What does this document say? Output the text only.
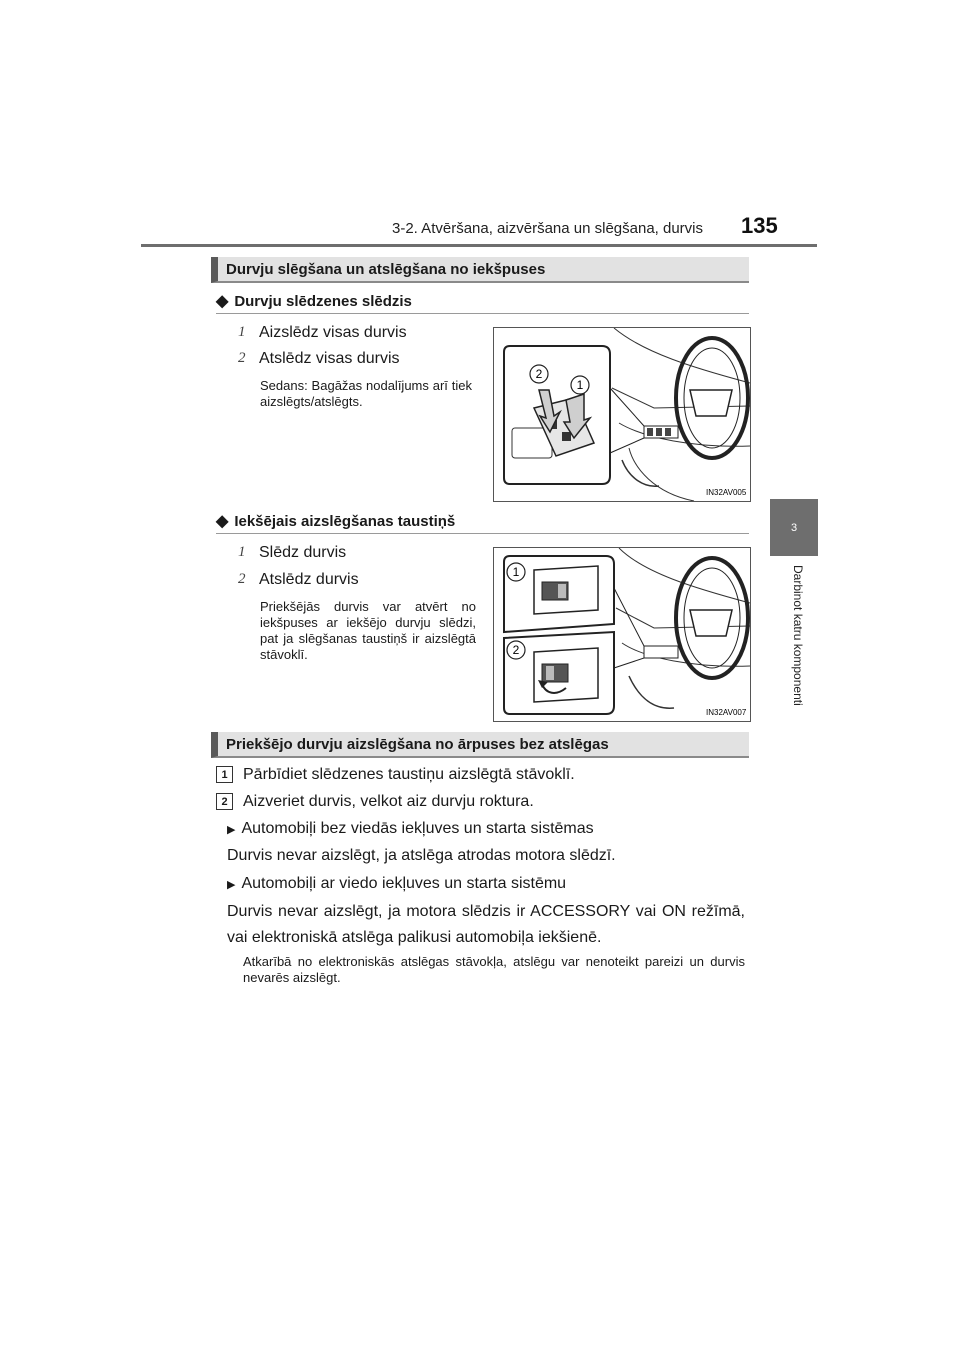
3-2. Atvēršana, aizvēršana un slēgšana, durvis 135
3
Darbinot katru komponenti
Durvju slēgšana un atslēgšana no iekšpuses
◆ Durvju slēdzenes slēdzis
1 Aizslēdz visas durvis
2 Atslēdz visas durvis
Sedans: Bagāžas nodalījums arī tiek aizslēgts/atslēgts.
2
1
IN32AV005
◆ Iekšējais aizslēgšanas taustiņš
1 Slēdz durvis
2 Atslēdz durvis
Priekšējās durvis var atvērt no iekšpuses ar iekšējo durvju slēdzi, pat ja slēgšanas taustiņš ir aizslēgtā stāvoklī.
1
2
IN32AV007
Priekšējo durvju aizslēgšana no ārpuses bez atslēgas
1 Pārbīdiet slēdzenes taustiņu aizslēgtā stāvoklī.
2 Aizveriet durvis, velkot aiz durvju roktura.
▶ Automobiļi bez viedās iekļuves un starta sistēmas
Durvis nevar aizslēgt, ja atslēga atrodas motora slēdzī.
▶ Automobiļi ar viedo iekļuves un starta sistēmu
Durvis nevar aizslēgt, ja motora slēdzis ir ACCESSORY vai ON režīmā, vai elektroniskā atslēga palikusi automobiļa iekšienē.
Atkarībā no elektroniskās atslēgas stāvokļa, atslēgu var nenoteikt pareizi un durvis nevarēs aizslēgt.
